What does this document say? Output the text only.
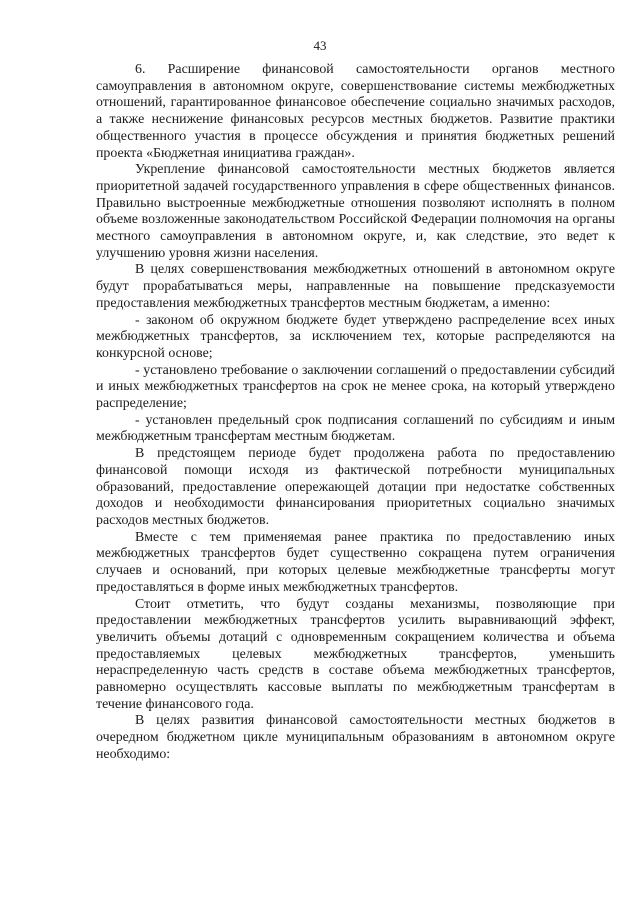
43

6. Расширение финансовой самостоятельности органов местного самоуправления в автономном округе, совершенствование системы межбюджетных отношений, гарантированное финансовое обеспечение социально значимых расходов, а также неснижение финансовых ресурсов местных бюджетов. Развитие практики общественного участия в процессе обсуждения и принятия бюджетных решений проекта «Бюджетная инициатива граждан».

Укрепление финансовой самостоятельности местных бюджетов является приоритетной задачей государственного управления в сфере общественных финансов. Правильно выстроенные межбюджетные отношения позволяют исполнять в полном объеме возложенные законодательством Российской Федерации полномочия на органы местного самоуправления в автономном округе, и, как следствие, это ведет к улучшению уровня жизни населения.

В целях совершенствования межбюджетных отношений в автономном округе будут прорабатываться меры, направленные на повышение предсказуемости предоставления межбюджетных трансфертов местным бюджетам, а именно:

- законом об окружном бюджете будет утверждено распределение всех иных межбюджетных трансфертов, за исключением тех, которые распределяются на конкурсной основе;

- установлено требование о заключении соглашений о предоставлении субсидий и иных межбюджетных трансфертов на срок не менее срока, на который утверждено распределение;

- установлен предельный срок подписания соглашений по субсидиям и иным межбюджетным трансфертам местным бюджетам.

В предстоящем периоде будет продолжена работа по предоставлению финансовой помощи исходя из фактической потребности муниципальных образований, предоставление опережающей дотации при недостатке собственных доходов и необходимости финансирования приоритетных социально значимых расходов местных бюджетов.

Вместе с тем применяемая ранее практика по предоставлению иных межбюджетных трансфертов будет существенно сокращена путем ограничения случаев и оснований, при которых целевые межбюджетные трансферты могут предоставляться в форме иных межбюджетных трансфертов.

Стоит отметить, что будут созданы механизмы, позволяющие при предоставлении межбюджетных трансфертов усилить выравнивающий эффект, увеличить объемы дотаций с одновременным сокращением количества и объема предоставляемых целевых межбюджетных трансфертов, уменьшить нераспределенную часть средств в составе объема межбюджетных трансфертов, равномерно осуществлять кассовые выплаты по межбюджетным трансфертам в течение финансового года.

В целях развития финансовой самостоятельности местных бюджетов в очередном бюджетном цикле муниципальным образованиям в автономном округе необходимо:
